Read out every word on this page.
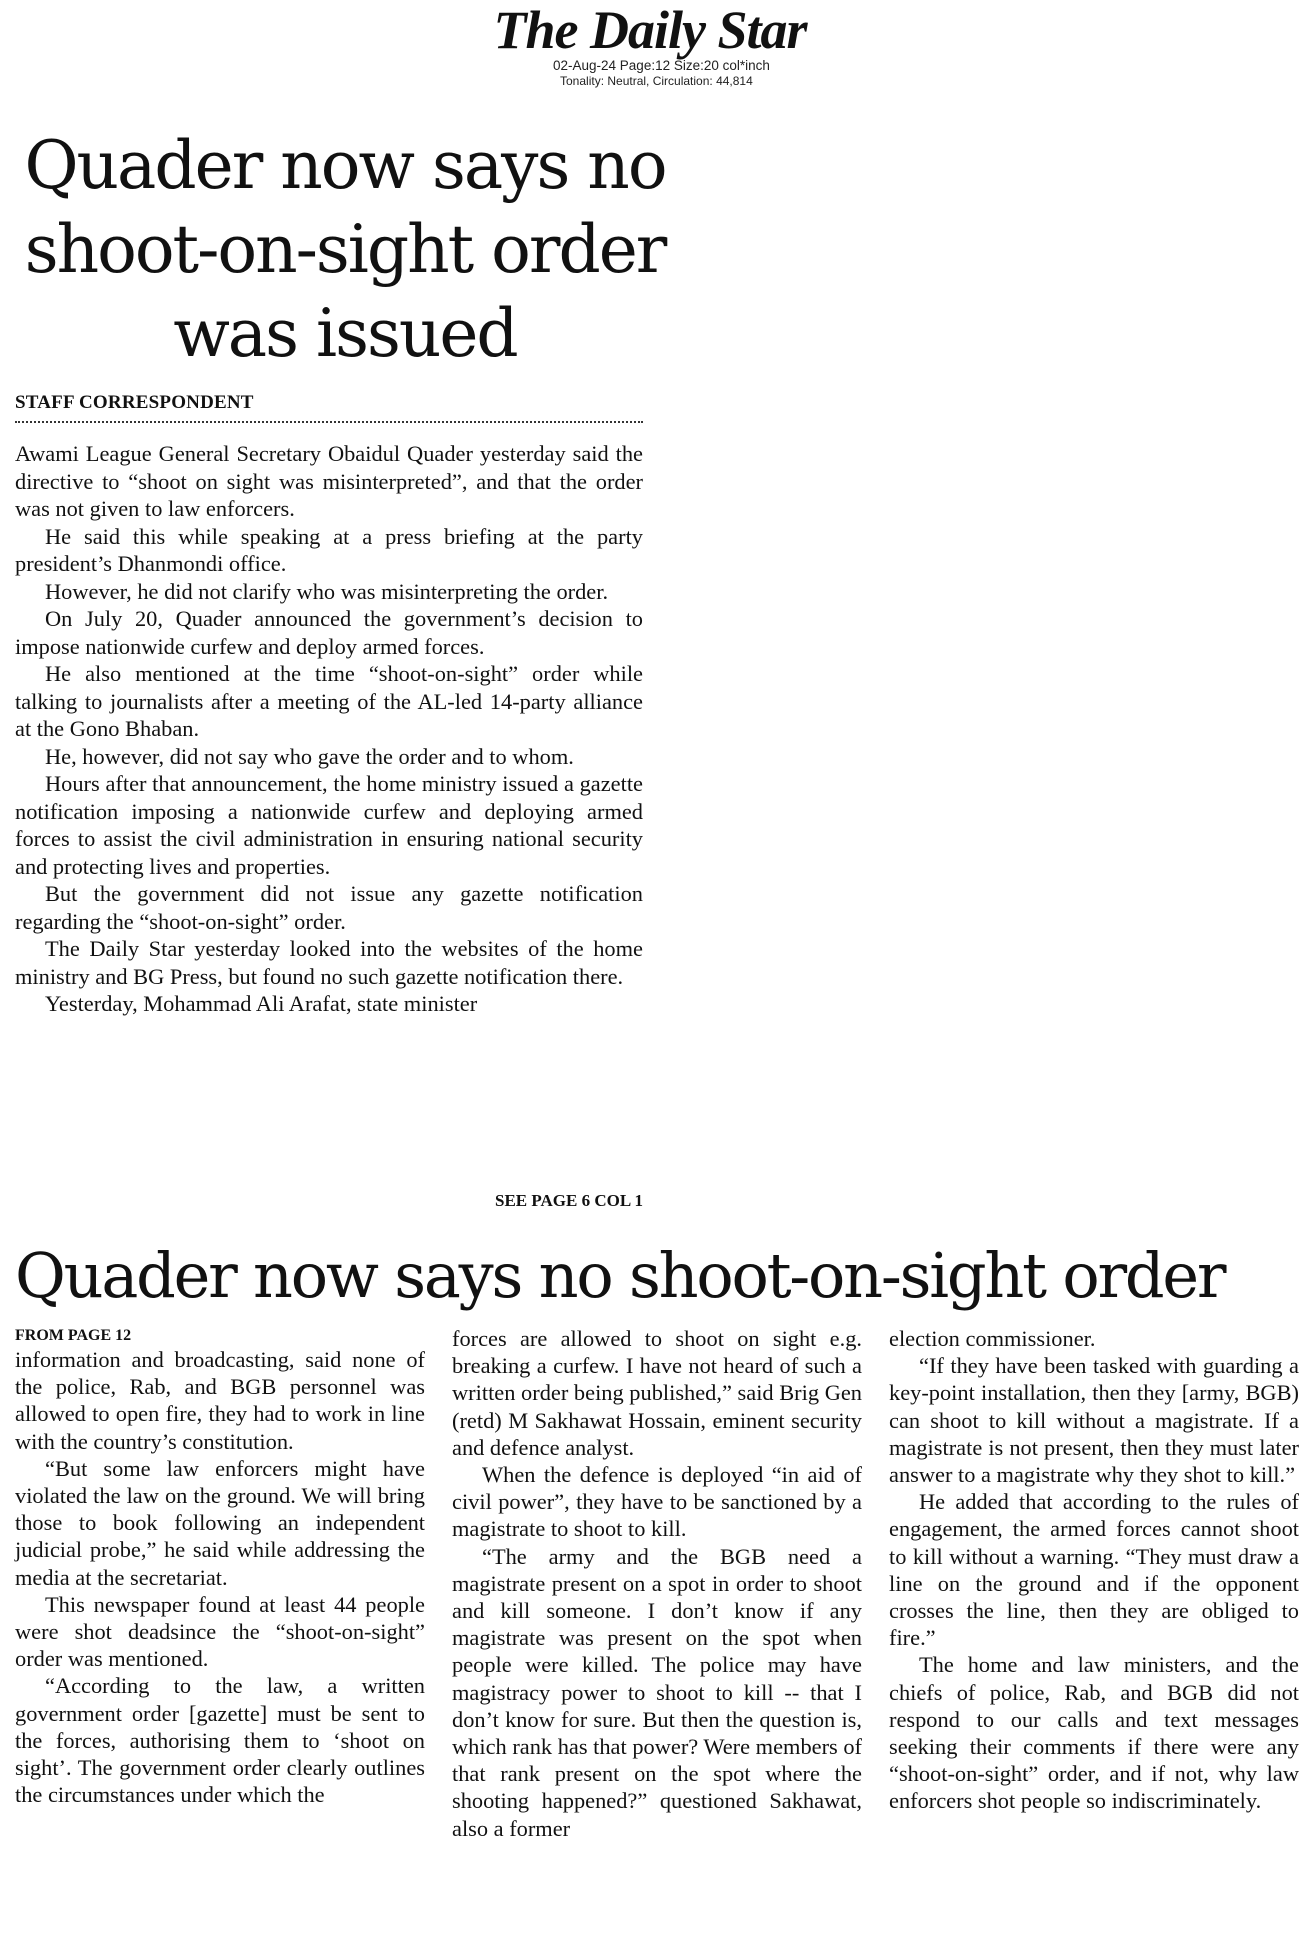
The Daily Star
02-Aug-24 Page:12 Size:20 col*inch
Tonality: Neutral, Circulation: 44,814
Quader now says no shoot-on-sight order was issued
STAFF CORRESPONDENT

Awami League General Secretary Obaidul Quader yesterday said the directive to “shoot on sight was misinterpreted”, and that the order was not given to law enforcers.

He said this while speaking at a press briefing at the party president’s Dhanmondi office.

However, he did not clarify who was misinterpreting the order.

On July 20, Quader announced the government’s decision to impose nationwide curfew and deploy armed forces.

He also mentioned at the time “shoot-on-sight” order while talking to journalists after a meeting of the AL-led 14-party alliance at the Gono Bhaban.

He, however, did not say who gave the order and to whom.

Hours after that announcement, the home ministry issued a gazette notification imposing a nationwide curfew and deploying armed forces to assist the civil administration in ensuring national security and protecting lives and properties.

But the government did not issue any gazette notification regarding the “shoot-on-sight” order.

The Daily Star yesterday looked into the websites of the home ministry and BG Press, but found no such gazette notification there.

Yesterday, Mohammad Ali Arafat, state minister

SEE PAGE 6 COL 1
Quader now says no shoot-on-sight order
FROM PAGE 12

information and broadcasting, said none of the police, Rab, and BGB personnel was allowed to open fire, they had to work in line with the country’s constitution.

“But some law enforcers might have violated the law on the ground. We will bring those to book following an independent judicial probe,” he said while addressing the media at the secretariat.

This newspaper found at least 44 people were shot deadsince the “shoot-on-sight” order was mentioned.

“According to the law, a written government order [gazette] must be sent to the forces, authorising them to ‘shoot on sight’. The government order clearly outlines the circumstances under which the

forces are allowed to shoot on sight e.g. breaking a curfew. I have not heard of such a written order being published,” said Brig Gen (retd) M Sakhawat Hossain, eminent security and defence analyst.

When the defence is deployed “in aid of civil power”, they have to be sanctioned by a magistrate to shoot to kill.

“The army and the BGB need a magistrate present on a spot in order to shoot and kill someone. I don’t know if any magistrate was present on the spot when people were killed. The police may have magistracy power to shoot to kill -- that I don’t know for sure. But then the question is, which rank has that power? Were members of that rank present on the spot where the shooting happened?” questioned Sakhawat, also a former

election commissioner.

“If they have been tasked with guarding a key-point installation, then they [army, BGB) can shoot to kill without a magistrate. If a magistrate is not present, then they must later answer to a magistrate why they shot to kill.”

He added that according to the rules of engagement, the armed forces cannot shoot to kill without a warning. “They must draw a line on the ground and if the opponent crosses the line, then they are obliged to fire.”

The home and law ministers, and the chiefs of police, Rab, and BGB did not respond to our calls and text messages seeking their comments if there were any “shoot-on-sight” order, and if not, why law enforcers shot people so indiscriminately.
